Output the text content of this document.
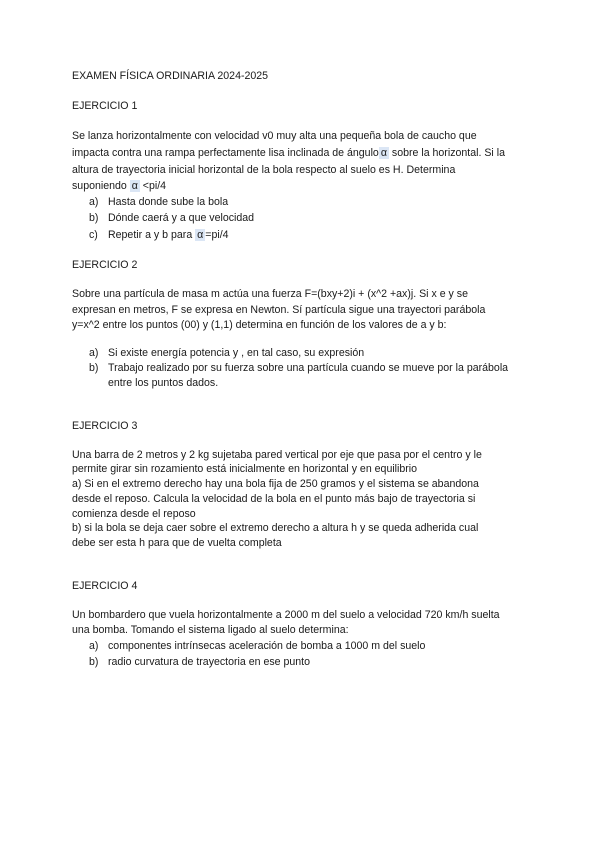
EXAMEN FÍSICA ORDINARIA 2024-2025
EJERCICIO 1
Se lanza horizontalmente con velocidad v0 muy alta una pequeña bola de caucho que
impacta contra una rampa perfectamente lisa inclinada de ángulo α sobre la horizontal. Si la
altura de trayectoria inicial horizontal de la bola respecto al suelo es H. Determina
suponiendo α <pi/4
a) Hasta donde sube la bola
b) Dónde caerá y a que velocidad
c) Repetir a y b para α =pi/4
EJERCICIO 2
Sobre una partícula de masa m actúa una fuerza F=(bxy+2)i + (x^2 +ax)j. Si x e y se
expresan en metros, F se expresa en Newton. Sí partícula sigue una trayectori parábola
y=x^2 entre los puntos (00) y (1,1) determina en función de los valores de a y b:
a) Si existe energía potencia y , en tal caso, su expresión
b) Trabajo realizado por su fuerza sobre una partícula cuando se mueve por la parábola
entre los puntos dados.
EJERCICIO 3
Una barra de 2 metros y 2 kg sujetaba pared vertical por eje que pasa por el centro y le
permite girar sin rozamiento está inicialmente en horizontal y en equilibrio
a) Si en el extremo derecho hay una bola fija de 250 gramos y el sistema se abandona
desde el reposo. Calcula la velocidad de la bola en el punto más bajo de trayectoria si
comienza desde el reposo
b) si la bola se deja caer sobre el extremo derecho a altura h y se queda adherida cual
debe ser esta h para que de vuelta completa
EJERCICIO 4
Un bombardero que vuela horizontalmente a 2000 m del suelo a velocidad 720 km/h suelta
una bomba. Tomando el sistema ligado al suelo determina:
a) componentes intrínsecas aceleración de bomba a 1000 m del suelo
b) radio curvatura de trayectoria en ese punto
